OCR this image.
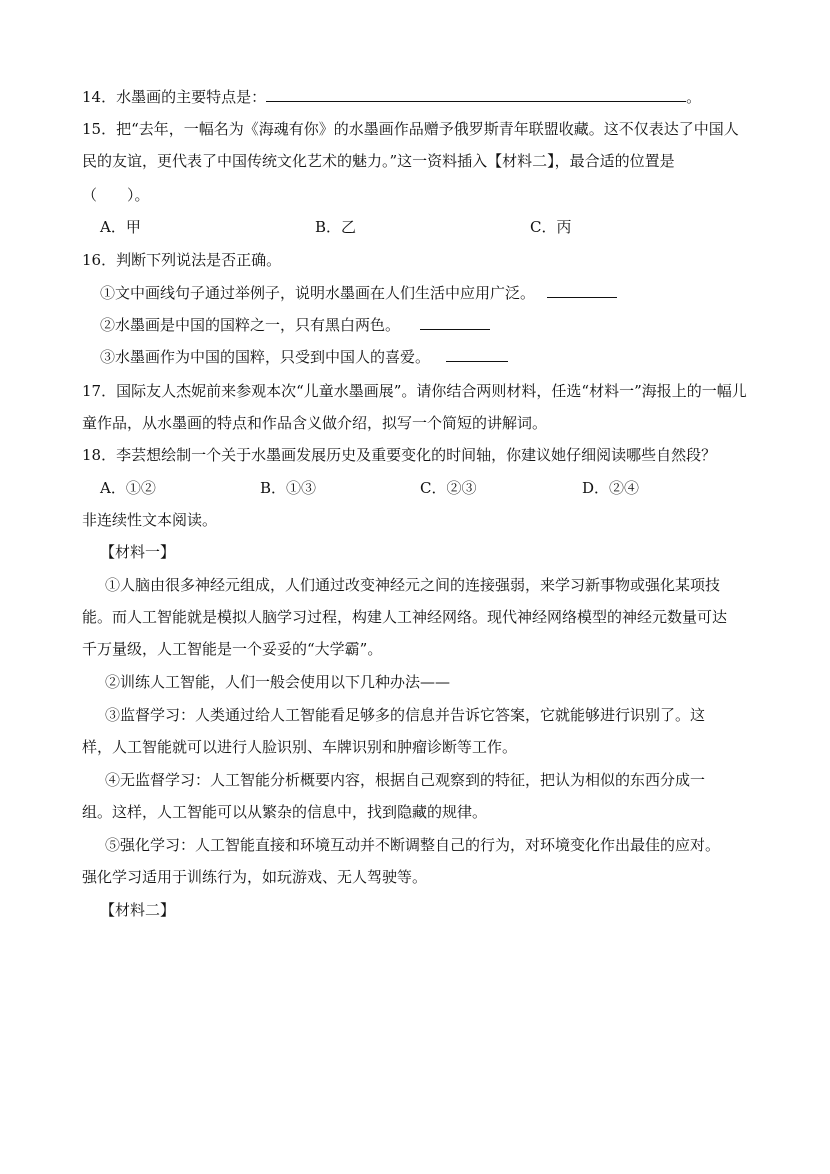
14．水墨画的主要特点是：	。
15．把“去年，一幅名为《海魂有你》的水墨画作品赠予俄罗斯青年联盟收藏。这不仅表达了中国人
民的友谊，更代表了中国传统文化艺术的魅力。”这一资料插入【材料二】，最合适的位置是
（　　）。
A．甲	B．乙	C．丙
16．判断下列说法是否正确。
①文中画线句子通过举例子，说明水墨画在人们生活中应用广泛。
②水墨画是中国的国粹之一，只有黑白两色。
③水墨画作为中国的国粹，只受到中国人的喜爱。
17．国际友人杰妮前来参观本次“儿童水墨画展”。请你结合两则材料，任选“材料一”海报上的一幅儿
童作品，从水墨画的特点和作品含义做介绍，拟写一个简短的讲解词。
18．李芸想绘制一个关于水墨画发展历史及重要变化的时间轴，你建议她仔细阅读哪些自然段？
A．①②	B．①③	C．②③	D．②④
非连续性文本阅读。
【材料一】
①人脑由很多神经元组成，人们通过改变神经元之间的连接强弱，来学习新事物或强化某项技
能。而人工智能就是模拟人脑学习过程，构建人工神经网络。现代神经网络模型的神经元数量可达
千万量级，人工智能是一个妥妥的“大学霸”。
②训练人工智能，人们一般会使用以下几种办法——
③监督学习：人类通过给人工智能看足够多的信息并告诉它答案，它就能够进行识别了。这
样，人工智能就可以进行人脸识别、车牌识别和肿瘤诊断等工作。
④无监督学习：人工智能分析概要内容，根据自己观察到的特征，把认为相似的东西分成一
组。这样，人工智能可以从繁杂的信息中，找到隐藏的规律。
⑤强化学习：人工智能直接和环境互动并不断调整自己的行为，对环境变化作出最佳的应对。
强化学习适用于训练行为，如玩游戏、无人驾驶等。
【材料二】
